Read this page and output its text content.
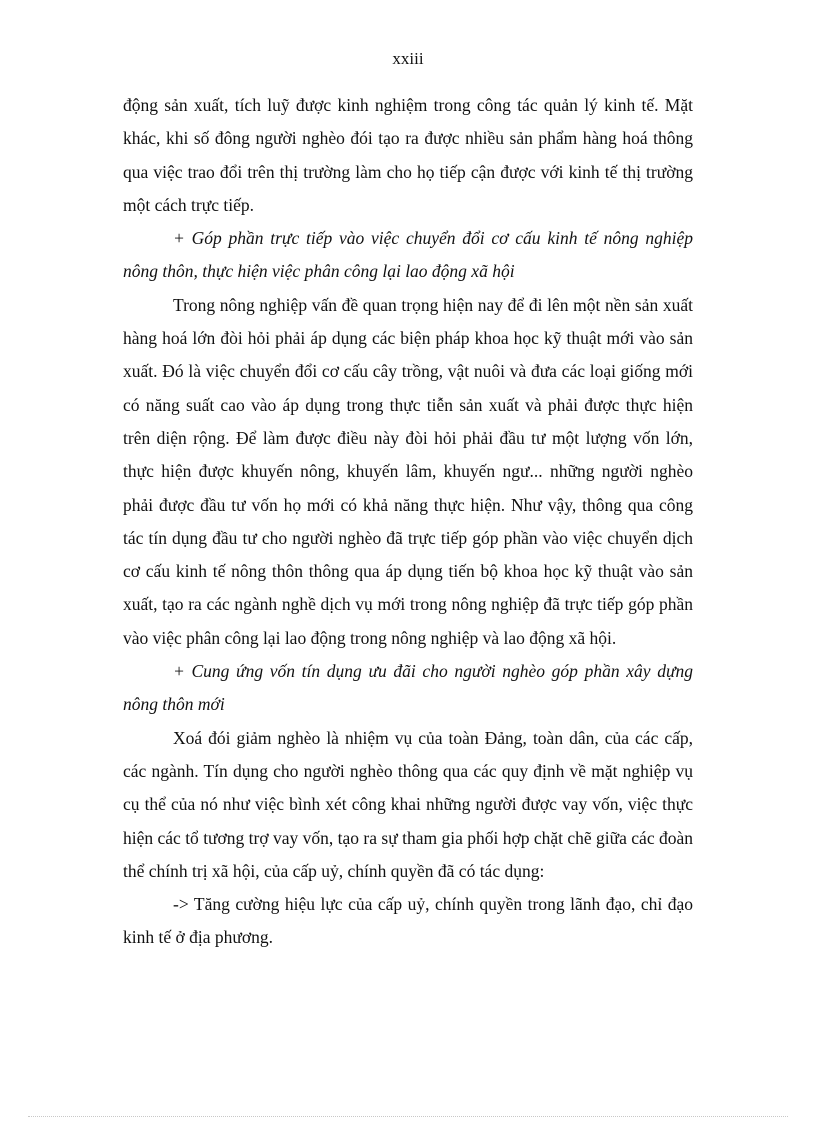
xxiii

động sản xuất, tích luỹ được kinh nghiệm trong công tác quản lý kinh tế. Mặt khác, khi số đông người nghèo đói tạo ra được nhiều sản phẩm hàng hoá thông qua việc trao đổi trên thị trường làm cho họ tiếp cận được với kinh tế thị trường một cách trực tiếp.

+ Góp phần trực tiếp vào việc chuyển đổi cơ cấu kinh tế nông nghiệp nông thôn, thực hiện việc phân công lại lao động xã hội

Trong nông nghiệp vấn đề quan trọng hiện nay để đi lên một nền sản xuất hàng hoá lớn đòi hỏi phải áp dụng các biện pháp khoa học kỹ thuật mới vào sản xuất. Đó là việc chuyển đổi cơ cấu cây trồng, vật nuôi và đưa các loại giống mới có năng suất cao vào áp dụng trong thực tiễn sản xuất và phải được thực hiện trên diện rộng. Để làm được điều này đòi hỏi phải đầu tư một lượng vốn lớn, thực hiện được khuyến nông, khuyến lâm, khuyến ngư... những người nghèo phải được đầu tư vốn họ mới có khả năng thực hiện. Như vậy, thông qua công tác tín dụng đầu tư cho người nghèo đã trực tiếp góp phần vào việc chuyển dịch cơ cấu kinh tế nông thôn thông qua áp dụng tiến bộ khoa học kỹ thuật vào sản xuất, tạo ra các ngành nghề dịch vụ mới trong nông nghiệp đã trực tiếp góp phần vào việc phân công lại lao động trong nông nghiệp và lao động xã hội.

+ Cung ứng vốn tín dụng ưu đãi cho người nghèo góp phần xây dựng nông thôn mới

Xoá đói giảm nghèo là nhiệm vụ của toàn Đảng, toàn dân, của các cấp, các ngành. Tín dụng cho người nghèo thông qua các quy định về mặt nghiệp vụ cụ thể của nó như việc bình xét công khai những người được vay vốn, việc thực hiện các tổ tương trợ vay vốn, tạo ra sự tham gia phối hợp chặt chẽ giữa các đoàn thể chính trị xã hội, của cấp uỷ, chính quyền đã có tác dụng:

-> Tăng cường hiệu lực của cấp uỷ, chính quyền trong lãnh đạo, chỉ đạo kinh tế ở địa phương.
